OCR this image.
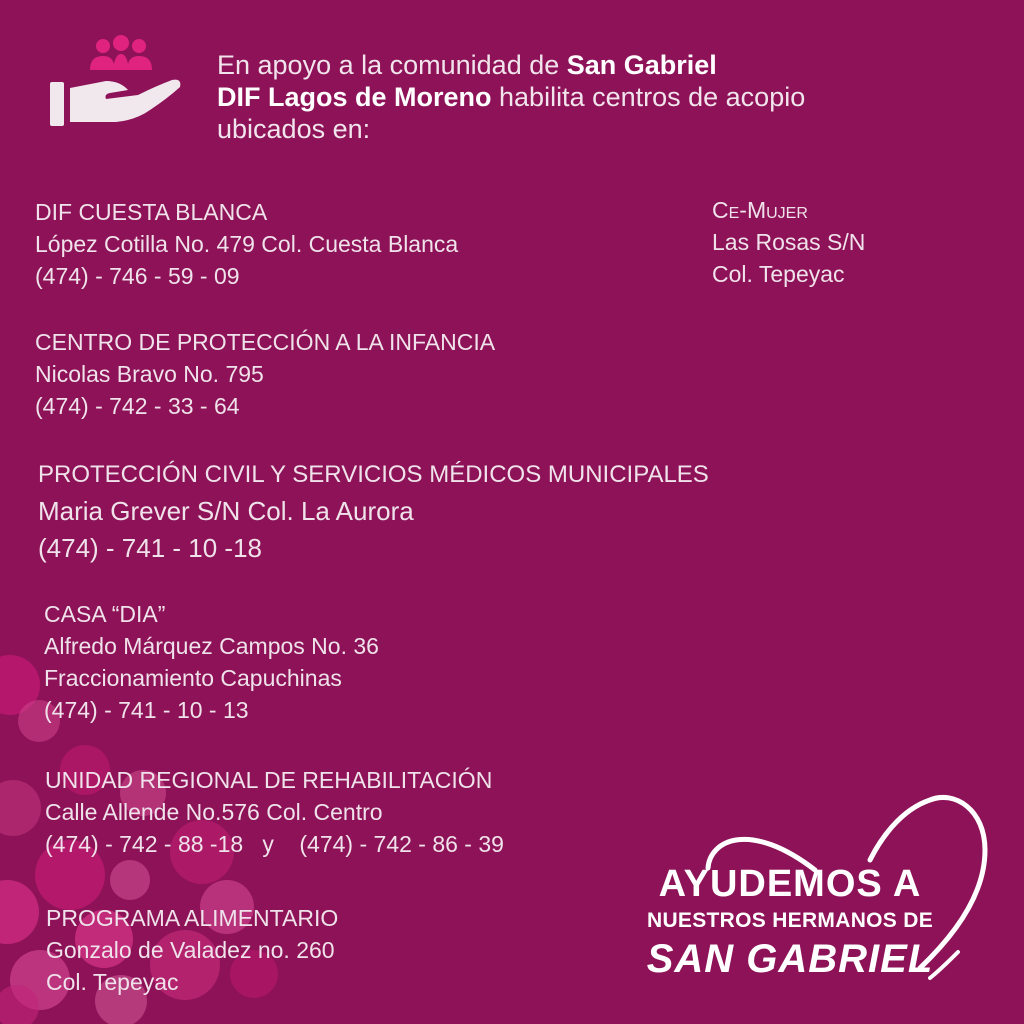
En apoyo a la comunidad de San Gabriel
DIF Lagos de Moreno habilita centros de acopio
ubicados en:
DIF CUESTA BLANCA
López Cotilla No. 479 Col. Cuesta Blanca
(474) - 746 - 59 - 09
Ce-Mujer
Las Rosas S/N
Col. Tepeyac
CENTRO DE PROTECCIÓN A LA INFANCIA
Nicolas Bravo No. 795
(474) - 742 - 33 - 64
PROTECCIÓN CIVIL Y SERVICIOS MÉDICOS MUNICIPALES
Maria Grever S/N Col. La Aurora
(474) - 741 - 10 -18
CASA “DIA”
Alfredo Márquez Campos No. 36
Fraccionamiento Capuchinas
(474) - 741 - 10 - 13
UNIDAD REGIONAL DE REHABILITACIÓN
Calle Allende No.576 Col. Centro
(474) - 742 - 88 -18   y    (474) - 742 - 86 - 39
PROGRAMA ALIMENTARIO
Gonzalo de Valadez no. 260
Col. Tepeyac
AYUDEMOS A
NUESTROS HERMANOS DE
SAN GABRIEL
